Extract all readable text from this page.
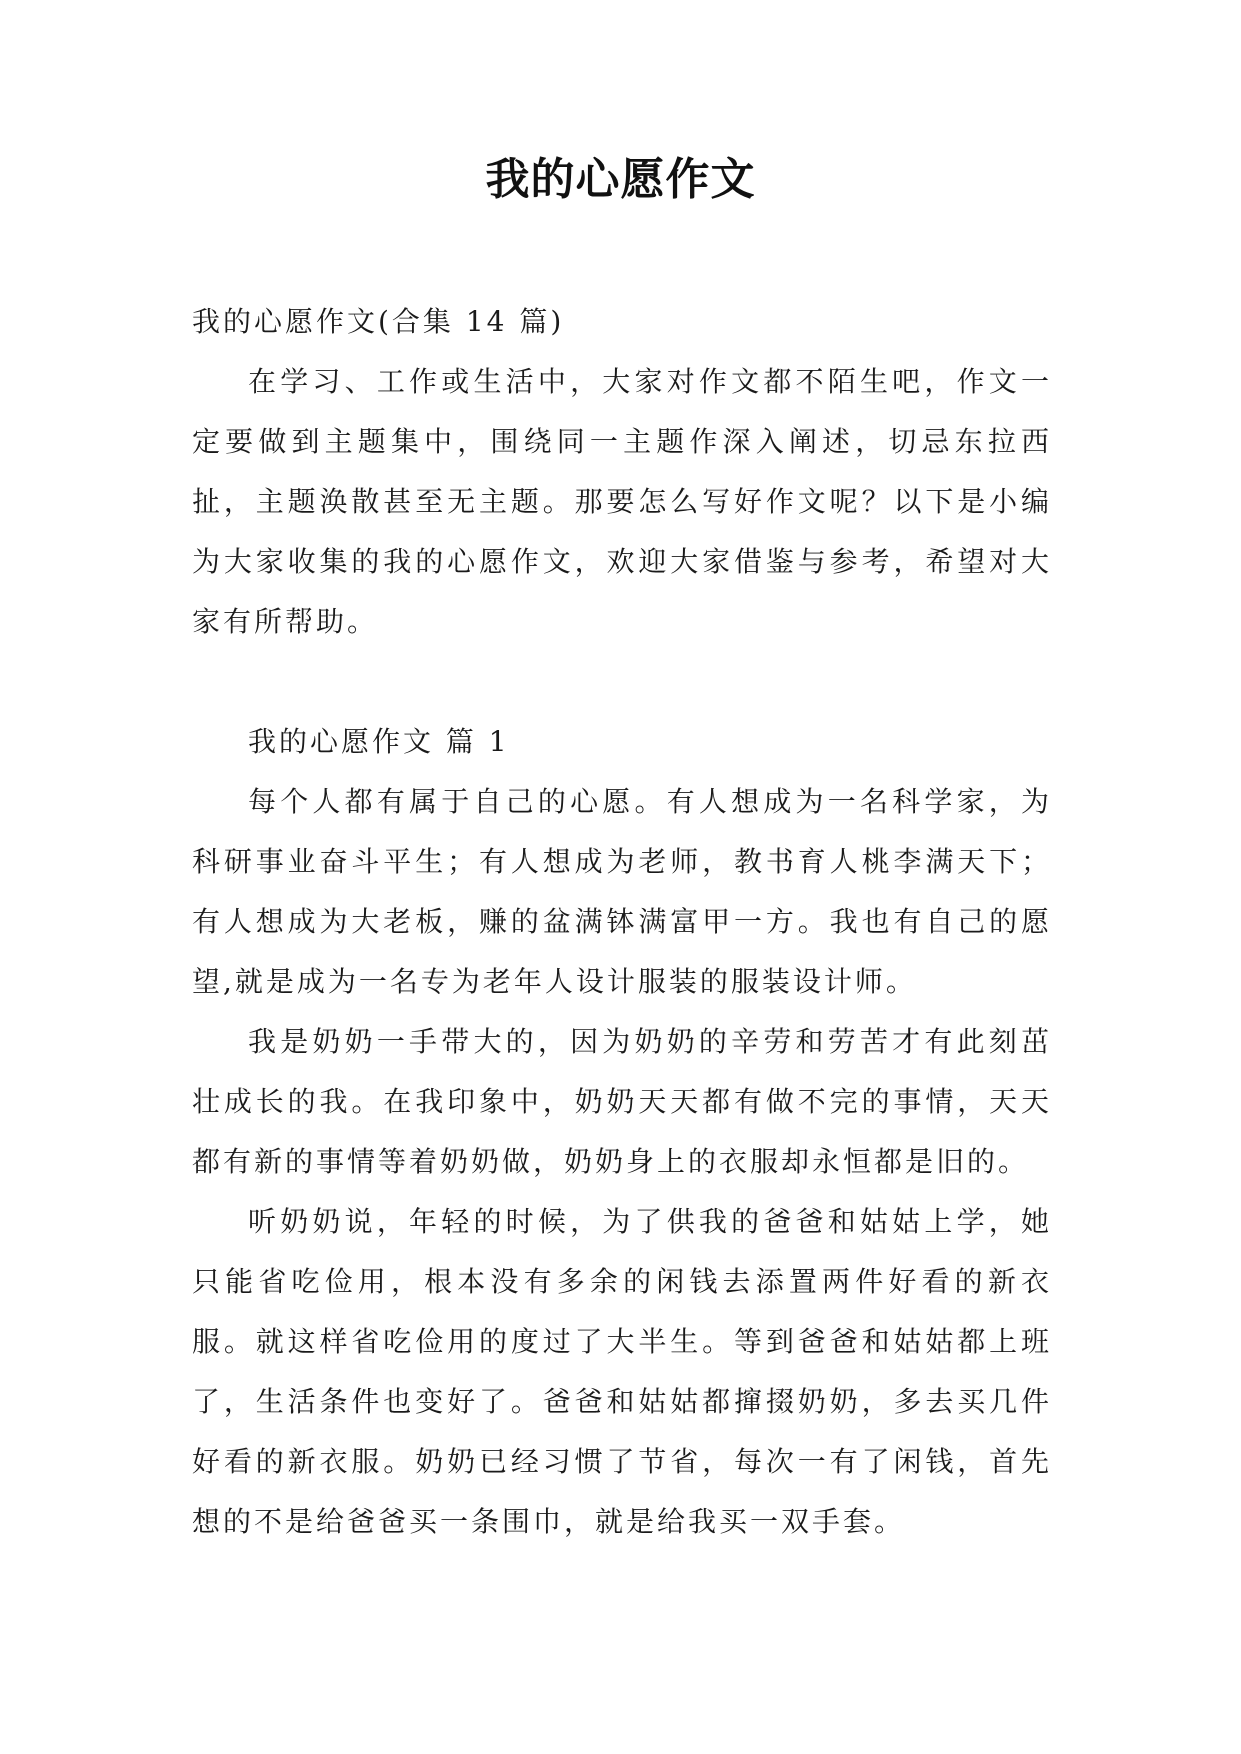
我的心愿作文

我的心愿作文(合集 14 篇)

在学习、工作或生活中，大家对作文都不陌生吧，作文一定要做到主题集中，围绕同一主题作深入阐述，切忌东拉西扯，主题涣散甚至无主题。那要怎么写好作文呢？以下是小编为大家收集的我的心愿作文，欢迎大家借鉴与参考，希望对大家有所帮助。

我的心愿作文 篇 1

每个人都有属于自己的心愿。有人想成为一名科学家，为科研事业奋斗平生；有人想成为老师，教书育人桃李满天下；有人想成为大老板，赚的盆满钵满富甲一方。我也有自己的愿望,就是成为一名专为老年人设计服装的服装设计师。

我是奶奶一手带大的，因为奶奶的辛劳和劳苦才有此刻茁壮成长的我。在我印象中，奶奶天天都有做不完的事情，天天都有新的事情等着奶奶做，奶奶身上的衣服却永恒都是旧的。

听奶奶说，年轻的时候，为了供我的爸爸和姑姑上学，她只能省吃俭用，根本没有多余的闲钱去添置两件好看的新衣服。就这样省吃俭用的度过了大半生。等到爸爸和姑姑都上班了，生活条件也变好了。爸爸和姑姑都撺掇奶奶，多去买几件好看的新衣服。奶奶已经习惯了节省，每次一有了闲钱，首先想的不是给爸爸买一条围巾，就是给我买一双手套。
